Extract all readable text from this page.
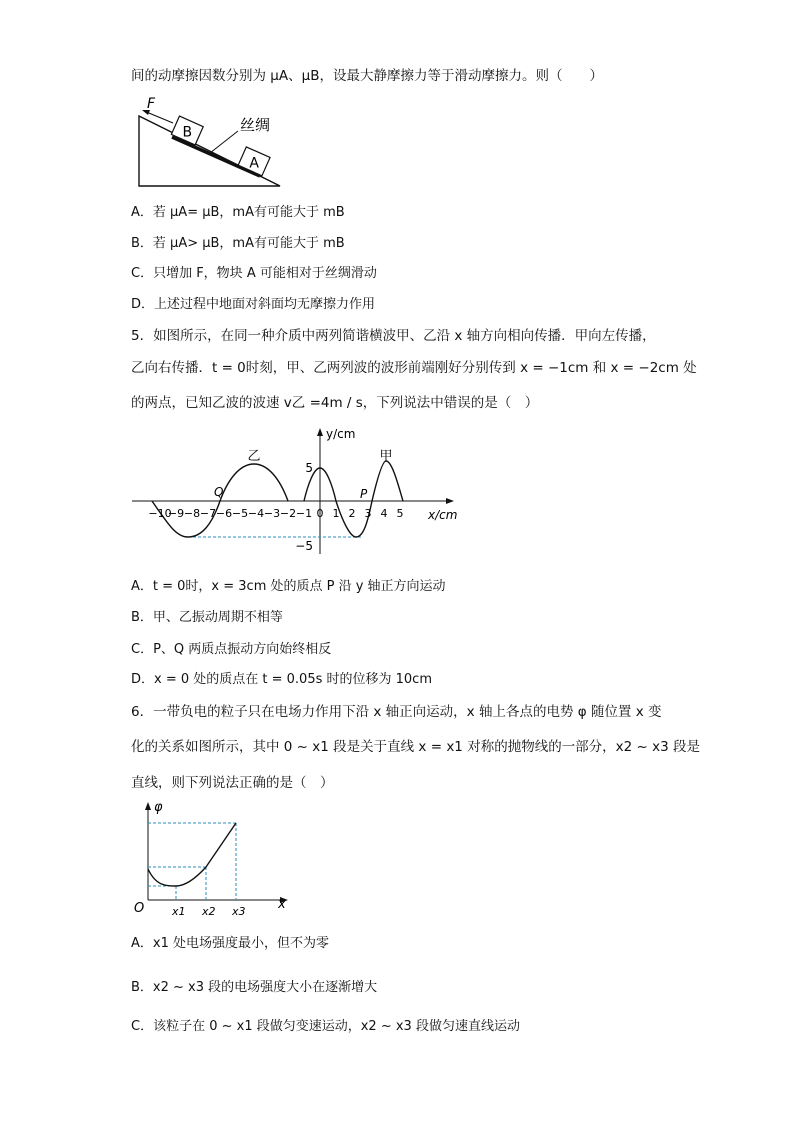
间的动摩擦因数分别为 μA、μB，设最大静摩擦力等于滑动摩擦力。则（　　）
B
A
F
丝绸
A．若 μA= μB，mA有可能大于 mB
B．若 μA> μB，mA有可能大于 mB
C．只增加 F，物块 A 可能相对于丝绸滑动
D．上述过程中地面对斜面均无摩擦力作用
5．如图所示，在同一种介质中两列简谐横波甲、乙沿 x 轴方向相向传播．甲向左传播，
乙向右传播．t = 0时刻，甲、乙两列波的波形前端刚好分别传到 x = −1cm 和 x = −2cm 处
的两点，已知乙波的波速 v乙 =4m / s，下列说法中错误的是（　）
y/cm
x/cm
5
−5
乙	甲
Q	P
−10
−9 −8 −7 −6 −5 −4 −3 −2 −1 0 1 2 3 4 5
A．t = 0时，x = 3cm 处的质点 P 沿 y 轴正方向运动
B．甲、乙振动周期不相等
C．P、Q 两质点振动方向始终相反
D．x = 0 处的质点在 t = 0.05s 时的位移为 10cm
6．一带负电的粒子只在电场力作用下沿 x 轴正向运动，x 轴上各点的电势 φ 随位置 x 变
化的关系如图所示，其中 0 ~ x1 段是关于直线 x = x1 对称的抛物线的一部分，x2 ~ x3 段是
直线，则下列说法正确的是（　）
φ
x
O	x1 x2 x3
A．x1 处电场强度最小，但不为零
B．x2 ~ x3 段的电场强度大小在逐渐增大
C．该粒子在 0 ~ x1 段做匀变速运动，x2 ~ x3 段做匀速直线运动
